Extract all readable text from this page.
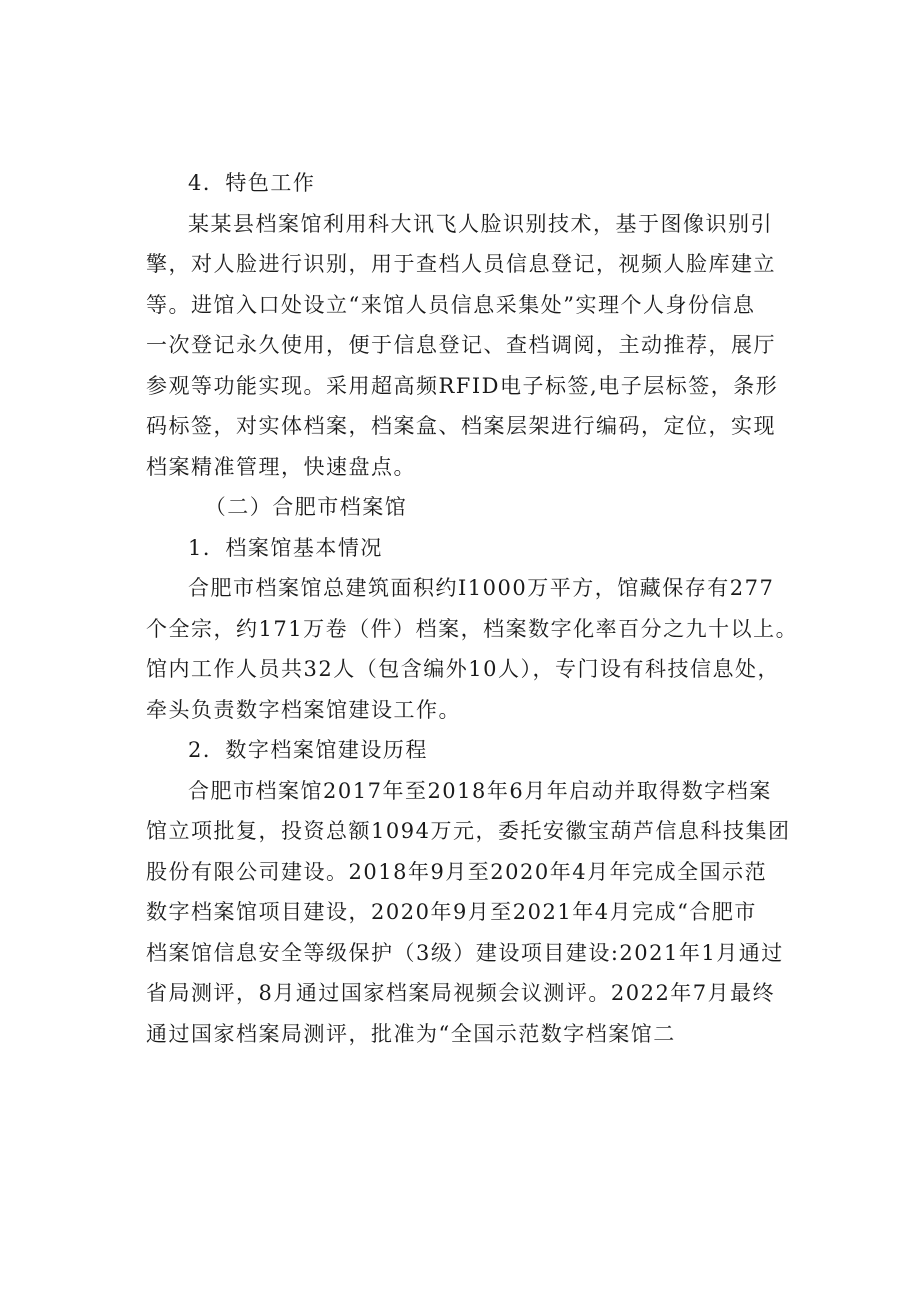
4．特色工作

某某县档案馆利用科大讯飞人脸识别技术，基于图像识别引
擎，对人脸进行识别，用于查档人员信息登记，视频人脸库建立
等。进馆入口处设立“来馆人员信息采集处”实理个人身份信息
一次登记永久使用，便于信息登记、查档调阅，主动推荐，展厅
参观等功能实现。采用超高频RFID电子标签,电子层标签，条形
码标签，对实体档案，档案盒、档案层架进行编码，定位，实现
档案精准管理，快速盘点。

（二）合肥市档案馆

1．档案馆基本情况

合肥市档案馆总建筑面积约I1000万平方，馆藏保存有277
个全宗，约171万卷（件）档案，档案数字化率百分之九十以上。
馆内工作人员共32人（包含编外10人），专门设有科技信息处，
牵头负责数字档案馆建设工作。

2．数字档案馆建设历程

合肥市档案馆2017年至2018年6月年启动并取得数字档案
馆立项批复，投资总额1094万元，委托安徽宝葫芦信息科技集团
股份有限公司建设。2018年9月至2020年4月年完成全国示范
数字档案馆项目建设，2020年9月至2021年4月完成“合肥市
档案馆信息安全等级保护（3级）建设项目建设:2021年1月通过
省局测评，8月通过国家档案局视频会议测评。2022年7月最终
通过国家档案局测评，批准为“全国示范数字档案馆二
